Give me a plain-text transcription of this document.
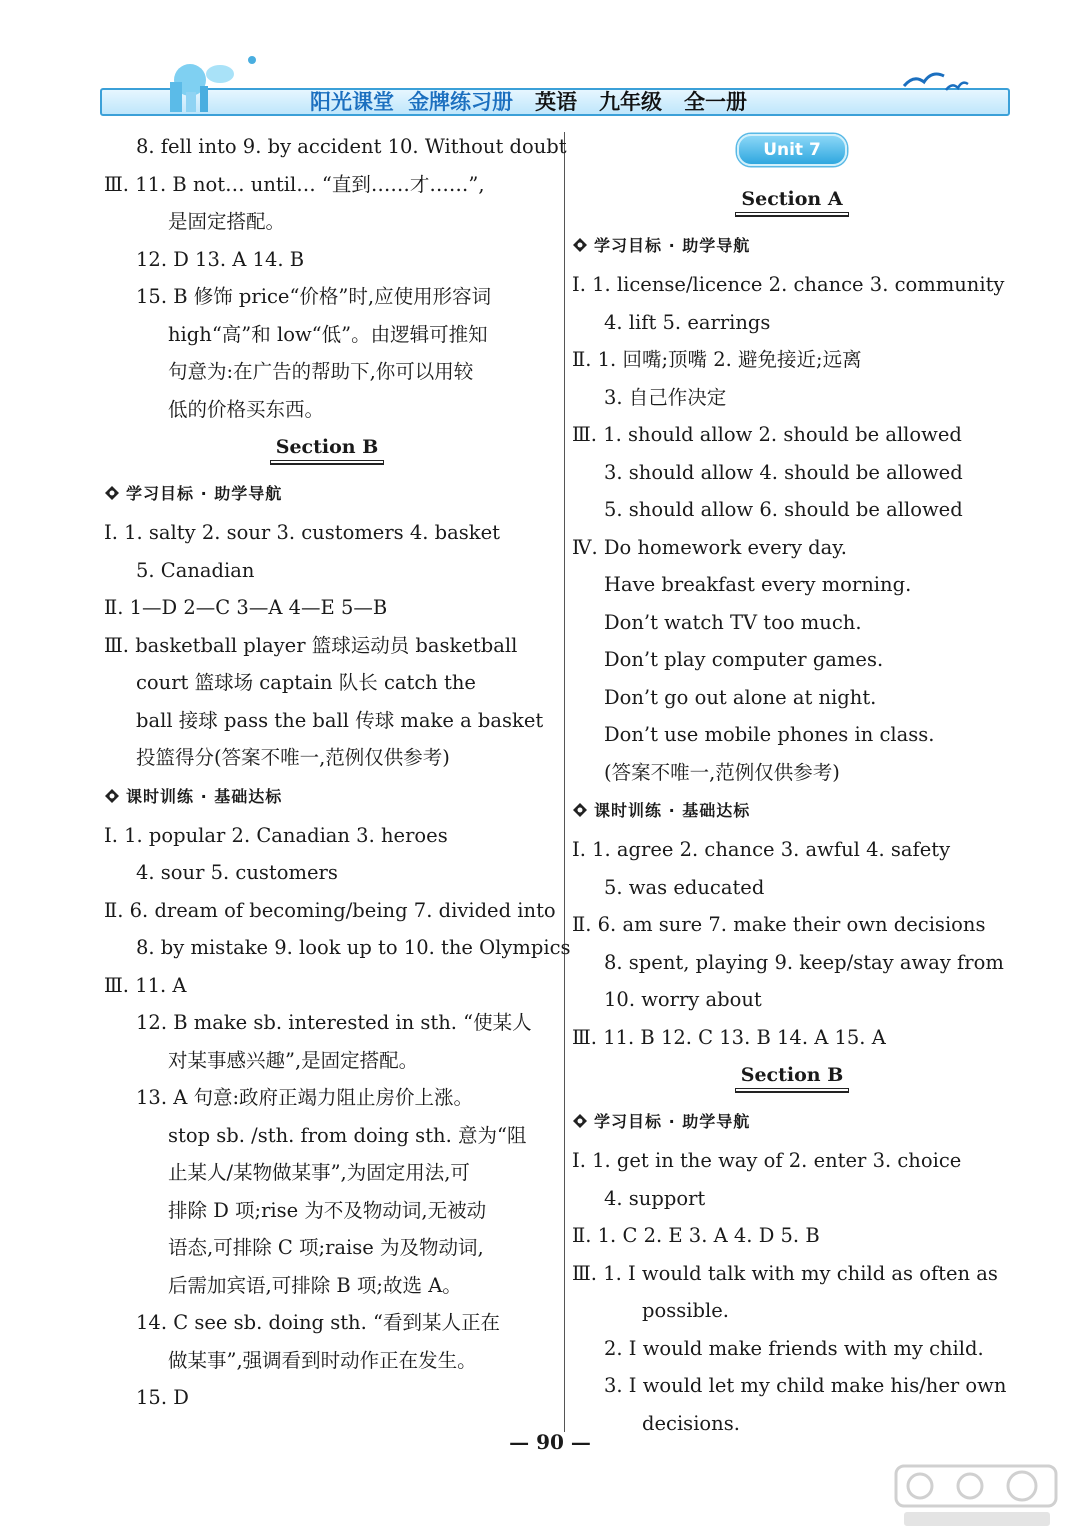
阳光课堂 金牌练习册 英语 九年级 全一册
8. fell into 9. by accident 10. Without doubt
Ⅲ. 11. B not… until… “直到……才……”,
是固定搭配。
12. D 13. A 14. B
15. B 修饰 price“价格”时,应使用形容词
high“高”和 low“低”。由逻辑可推知
句意为:在广告的帮助下,你可以用较
低的价格买东西。
Section B
学习目标 · 助学导航
Ⅰ. 1. salty 2. sour 3. customers 4. basket
5. Canadian
Ⅱ. 1—D 2—C 3—A 4—E 5—B
Ⅲ. basketball player 篮球运动员 basketball
court 篮球场 captain 队长 catch the
ball 接球 pass the ball 传球 make a basket
投篮得分(答案不唯一,范例仅供参考)
课时训练 · 基础达标
Ⅰ. 1. popular 2. Canadian 3. heroes
4. sour 5. customers
Ⅱ. 6. dream of becoming/being 7. divided into
8. by mistake 9. look up to 10. the Olympics
Ⅲ. 11. A
12. B make sb. interested in sth. “使某人
对某事感兴趣”,是固定搭配。
13. A 句意:政府正竭力阻止房价上涨。
stop sb. /sth. from doing sth. 意为“阻
止某人/某物做某事”,为固定用法,可
排除 D 项;rise 为不及物动词,无被动
语态,可排除 C 项;raise 为及物动词,
后需加宾语,可排除 B 项;故选 A。
14. C see sb. doing sth. “看到某人正在
做某事”,强调看到时动作正在发生。
15. D
Unit 7
Section A
学习目标 · 助学导航
Ⅰ. 1. license/licence 2. chance 3. community
4. lift 5. earrings
Ⅱ. 1. 回嘴;顶嘴 2. 避免接近;远离
3. 自己作决定
Ⅲ. 1. should allow 2. should be allowed
3. should allow 4. should be allowed
5. should allow 6. should be allowed
Ⅳ. Do homework every day.
Have breakfast every morning.
Don’t watch TV too much.
Don’t play computer games.
Don’t go out alone at night.
Don’t use mobile phones in class.
(答案不唯一,范例仅供参考)
课时训练 · 基础达标
Ⅰ. 1. agree 2. chance 3. awful 4. safety
5. was educated
Ⅱ. 6. am sure 7. make their own decisions
8. spent, playing 9. keep/stay away from
10. worry about
Ⅲ. 11. B 12. C 13. B 14. A 15. A
Section B
学习目标 · 助学导航
Ⅰ. 1. get in the way of 2. enter 3. choice
4. support
Ⅱ. 1. C 2. E 3. A 4. D 5. B
Ⅲ. 1. I would talk with my child as often as
possible.
2. I would make friends with my child.
3. I would let my child make his/her own
decisions.
— 90 —
